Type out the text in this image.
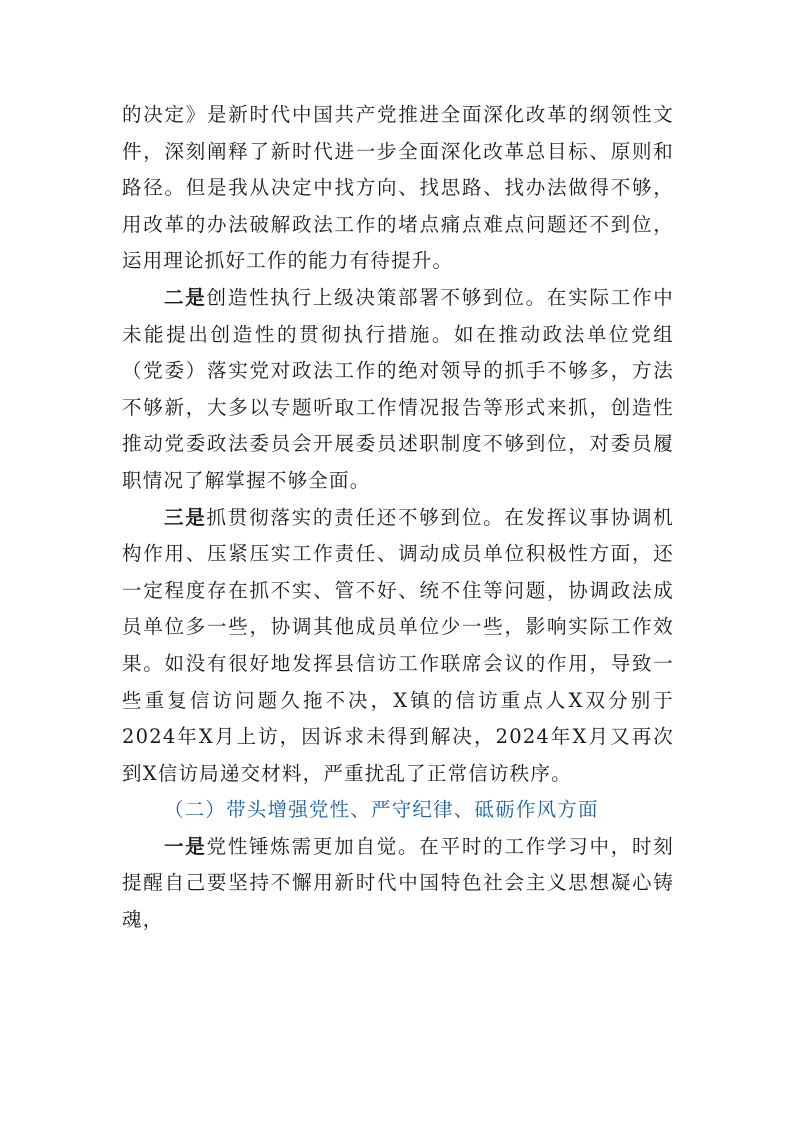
的决定》是新时代中国共产党推进全面深化改革的纲领性文件，深刻阐释了新时代进一步全面深化改革总目标、原则和路径。但是我从决定中找方向、找思路、找办法做得不够，用改革的办法破解政法工作的堵点痛点难点问题还不到位，运用理论抓好工作的能力有待提升。

二是创造性执行上级决策部署不够到位。在实际工作中未能提出创造性的贯彻执行措施。如在推动政法单位党组（党委）落实党对政法工作的绝对领导的抓手不够多，方法不够新，大多以专题听取工作情况报告等形式来抓，创造性推动党委政法委员会开展委员述职制度不够到位，对委员履职情况了解掌握不够全面。

三是抓贯彻落实的责任还不够到位。在发挥议事协调机构作用、压紧压实工作责任、调动成员单位积极性方面，还一定程度存在抓不实、管不好、统不住等问题，协调政法成员单位多一些，协调其他成员单位少一些，影响实际工作效果。如没有很好地发挥县信访工作联席会议的作用，导致一些重复信访问题久拖不决，X镇的信访重点人X双分别于2024年X月上访，因诉求未得到解决，2024年X月又再次到X信访局递交材料，严重扰乱了正常信访秩序。

（二）带头增强党性、严守纪律、砥砺作风方面

一是党性锤炼需更加自觉。在平时的工作学习中，时刻提醒自己要坚持不懈用新时代中国特色社会主义思想凝心铸魂，
